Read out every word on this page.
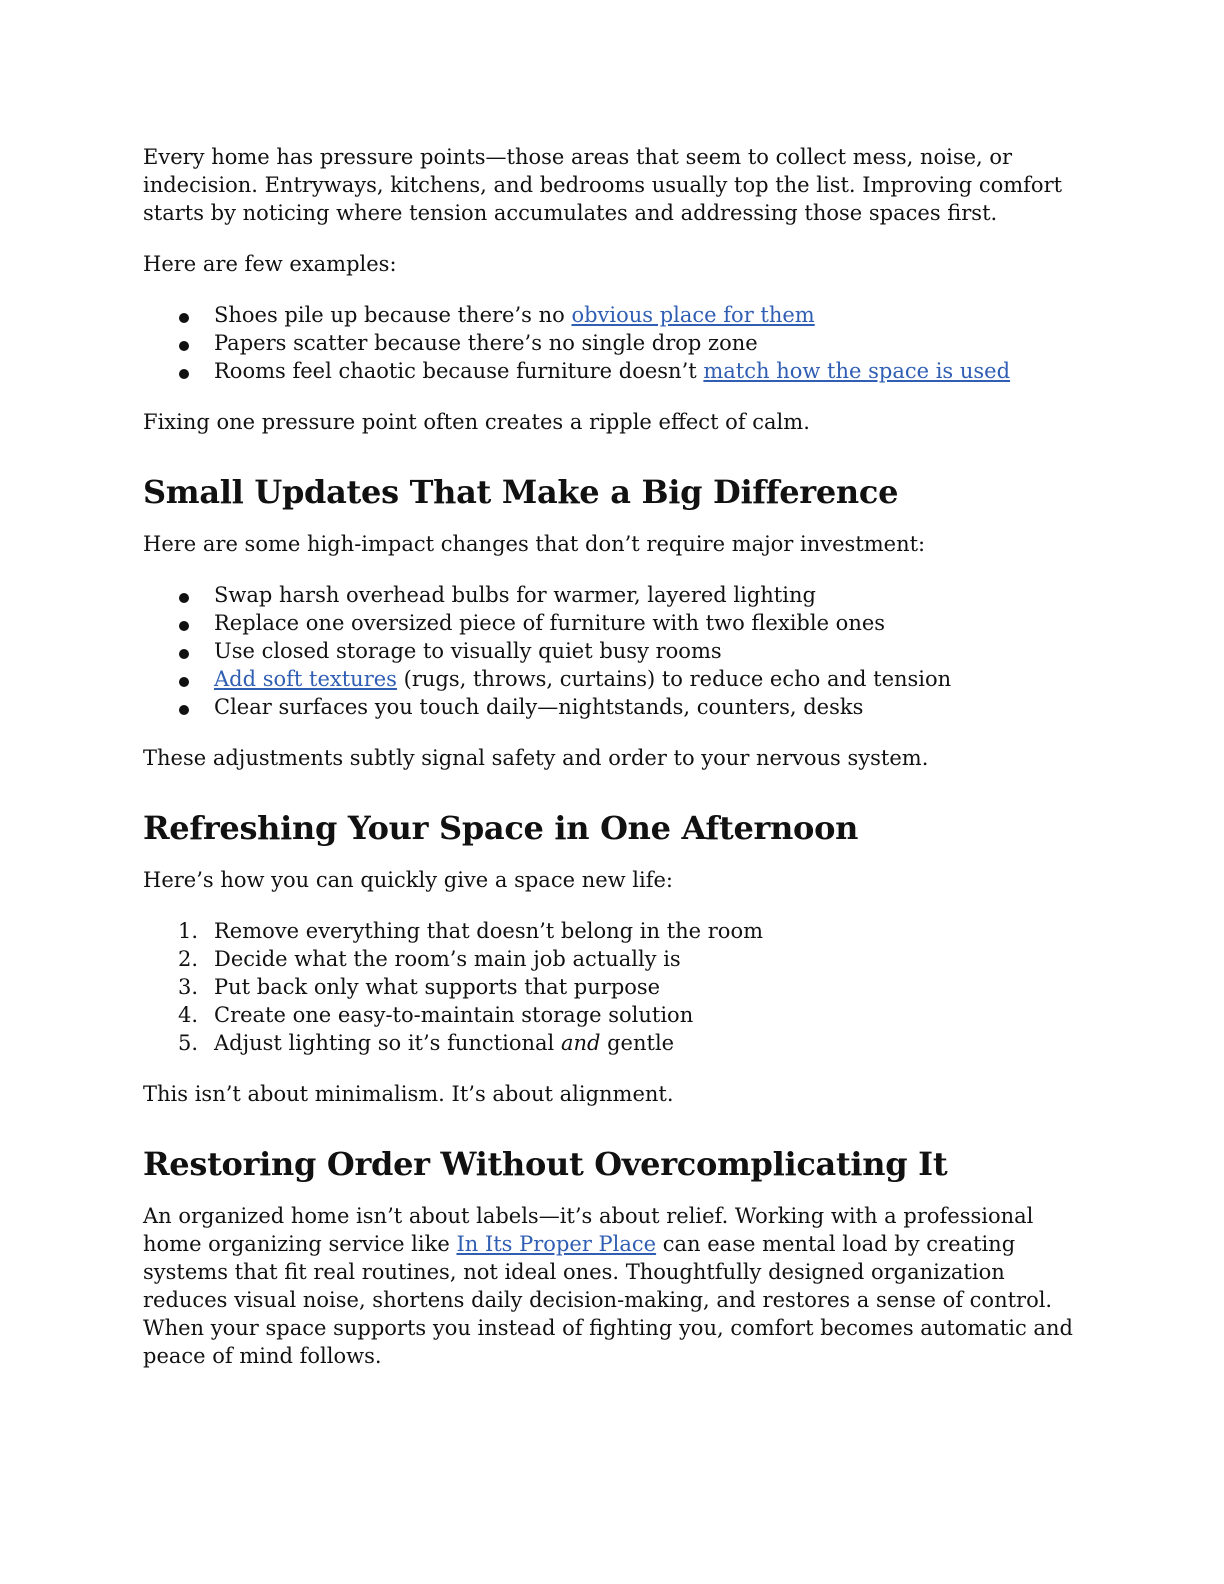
Every home has pressure points—those areas that seem to collect mess, noise, or indecision. Entryways, kitchens, and bedrooms usually top the list. Improving comfort starts by noticing where tension accumulates and addressing those spaces first.

Here are few examples:

Shoes pile up because there’s no obvious place for them
Papers scatter because there’s no single drop zone
Rooms feel chaotic because furniture doesn’t match how the space is used

Fixing one pressure point often creates a ripple effect of calm.

Small Updates That Make a Big Difference

Here are some high-impact changes that don’t require major investment:

Swap harsh overhead bulbs for warmer, layered lighting
Replace one oversized piece of furniture with two flexible ones
Use closed storage to visually quiet busy rooms
Add soft textures (rugs, throws, curtains) to reduce echo and tension
Clear surfaces you touch daily—nightstands, counters, desks

These adjustments subtly signal safety and order to your nervous system.

Refreshing Your Space in One Afternoon

Here’s how you can quickly give a space new life:

1. Remove everything that doesn’t belong in the room
2. Decide what the room’s main job actually is
3. Put back only what supports that purpose
4. Create one easy-to-maintain storage solution
5. Adjust lighting so it’s functional and gentle

This isn’t about minimalism. It’s about alignment.

Restoring Order Without Overcomplicating It

An organized home isn’t about labels—it’s about relief. Working with a professional home organizing service like In Its Proper Place can ease mental load by creating systems that fit real routines, not ideal ones. Thoughtfully designed organization reduces visual noise, shortens daily decision-making, and restores a sense of control. When your space supports you instead of fighting you, comfort becomes automatic and peace of mind follows.
